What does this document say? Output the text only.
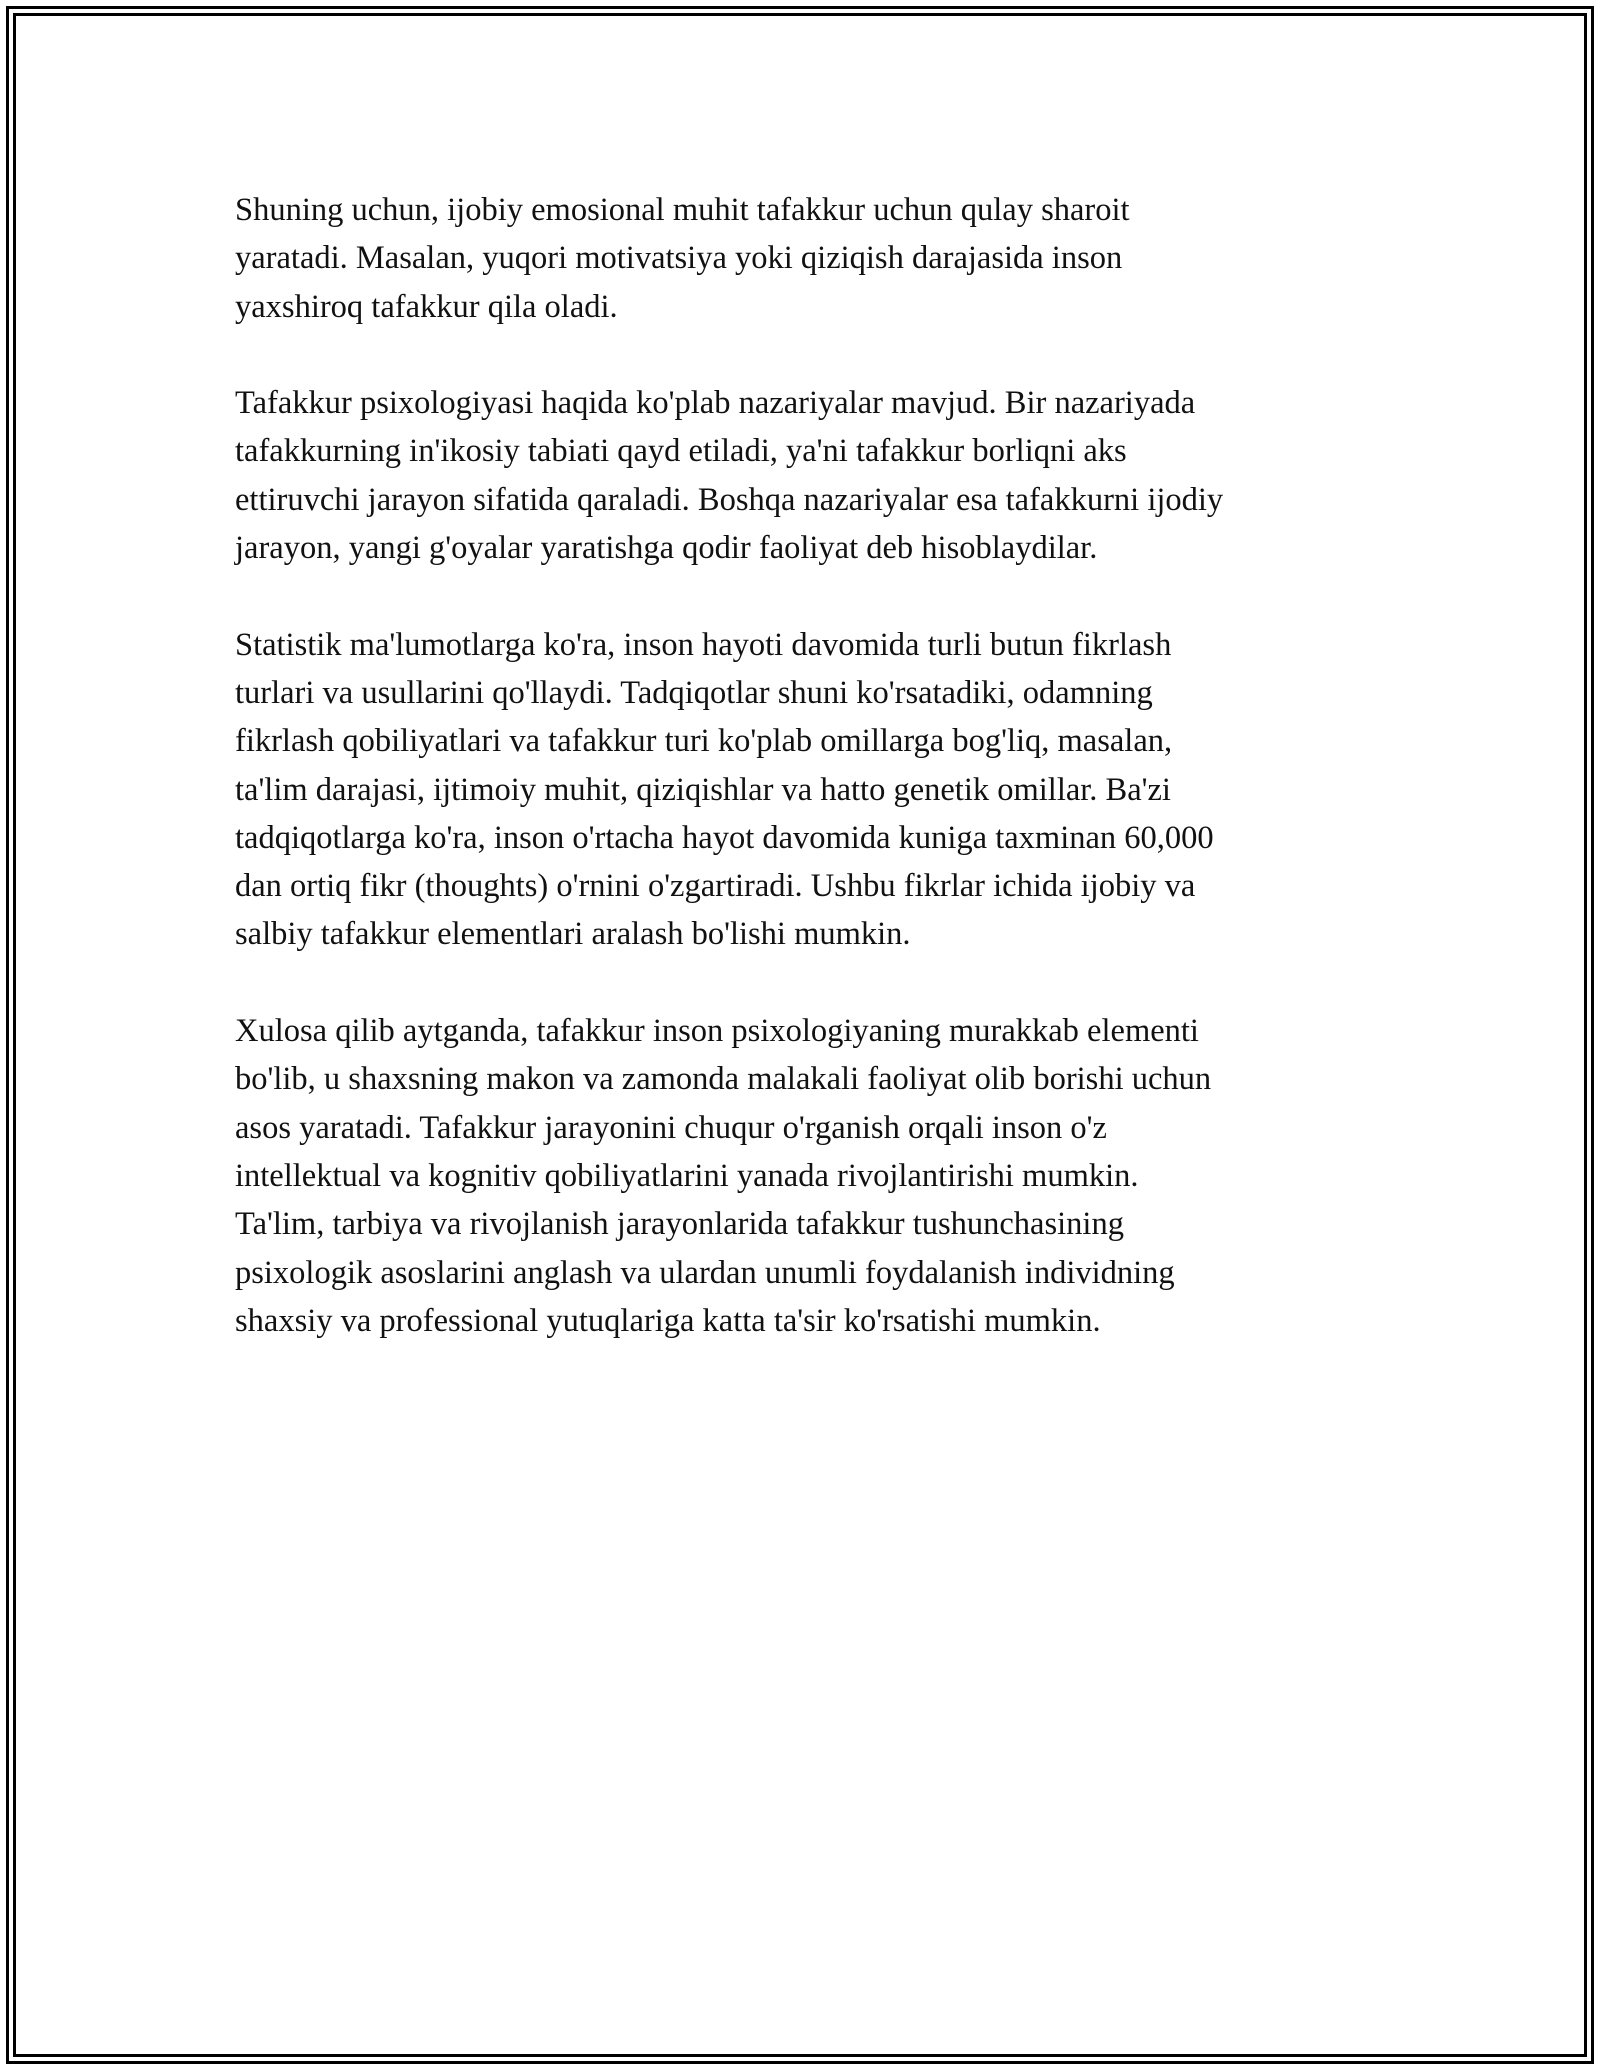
Shuning uchun, ijobiy emosional muhit tafakkur uchun qulay sharoit
yaratadi. Masalan, yuqori motivatsiya yoki qiziqish darajasida inson
yaxshiroq tafakkur qila oladi.

Tafakkur psixologiyasi haqida ko'plab nazariyalar mavjud. Bir nazariyada
tafakkurning in'ikosiy tabiati qayd etiladi, ya'ni tafakkur borliqni aks
ettiruvchi jarayon sifatida qaraladi. Boshqa nazariyalar esa tafakkurni ijodiy
jarayon, yangi g'oyalar yaratishga qodir faoliyat deb hisoblaydilar.

Statistik ma'lumotlarga ko'ra, inson hayoti davomida turli butun fikrlash
turlari va usullarini qo'llaydi. Tadqiqotlar shuni ko'rsatadiki, odamning
fikrlash qobiliyatlari va tafakkur turi ko'plab omillarga bog'liq, masalan,
ta'lim darajasi, ijtimoiy muhit, qiziqishlar va hatto genetik omillar. Ba'zi
tadqiqotlarga ko'ra, inson o'rtacha hayot davomida kuniga taxminan 60,000
dan ortiq fikr (thoughts) o'rnini o'zgartiradi. Ushbu fikrlar ichida ijobiy va
salbiy tafakkur elementlari aralash bo'lishi mumkin.

Xulosa qilib aytganda, tafakkur inson psixologiyaning murakkab elementi
bo'lib, u shaxsning makon va zamonda malakali faoliyat olib borishi uchun
asos yaratadi. Tafakkur jarayonini chuqur o'rganish orqali inson o'z
intellektual va kognitiv qobiliyatlarini yanada rivojlantirishi mumkin.
Ta'lim, tarbiya va rivojlanish jarayonlarida tafakkur tushunchasining
psixologik asoslarini anglash va ulardan unumli foydalanish individning
shaxsiy va professional yutuqlariga katta ta'sir ko'rsatishi mumkin.
